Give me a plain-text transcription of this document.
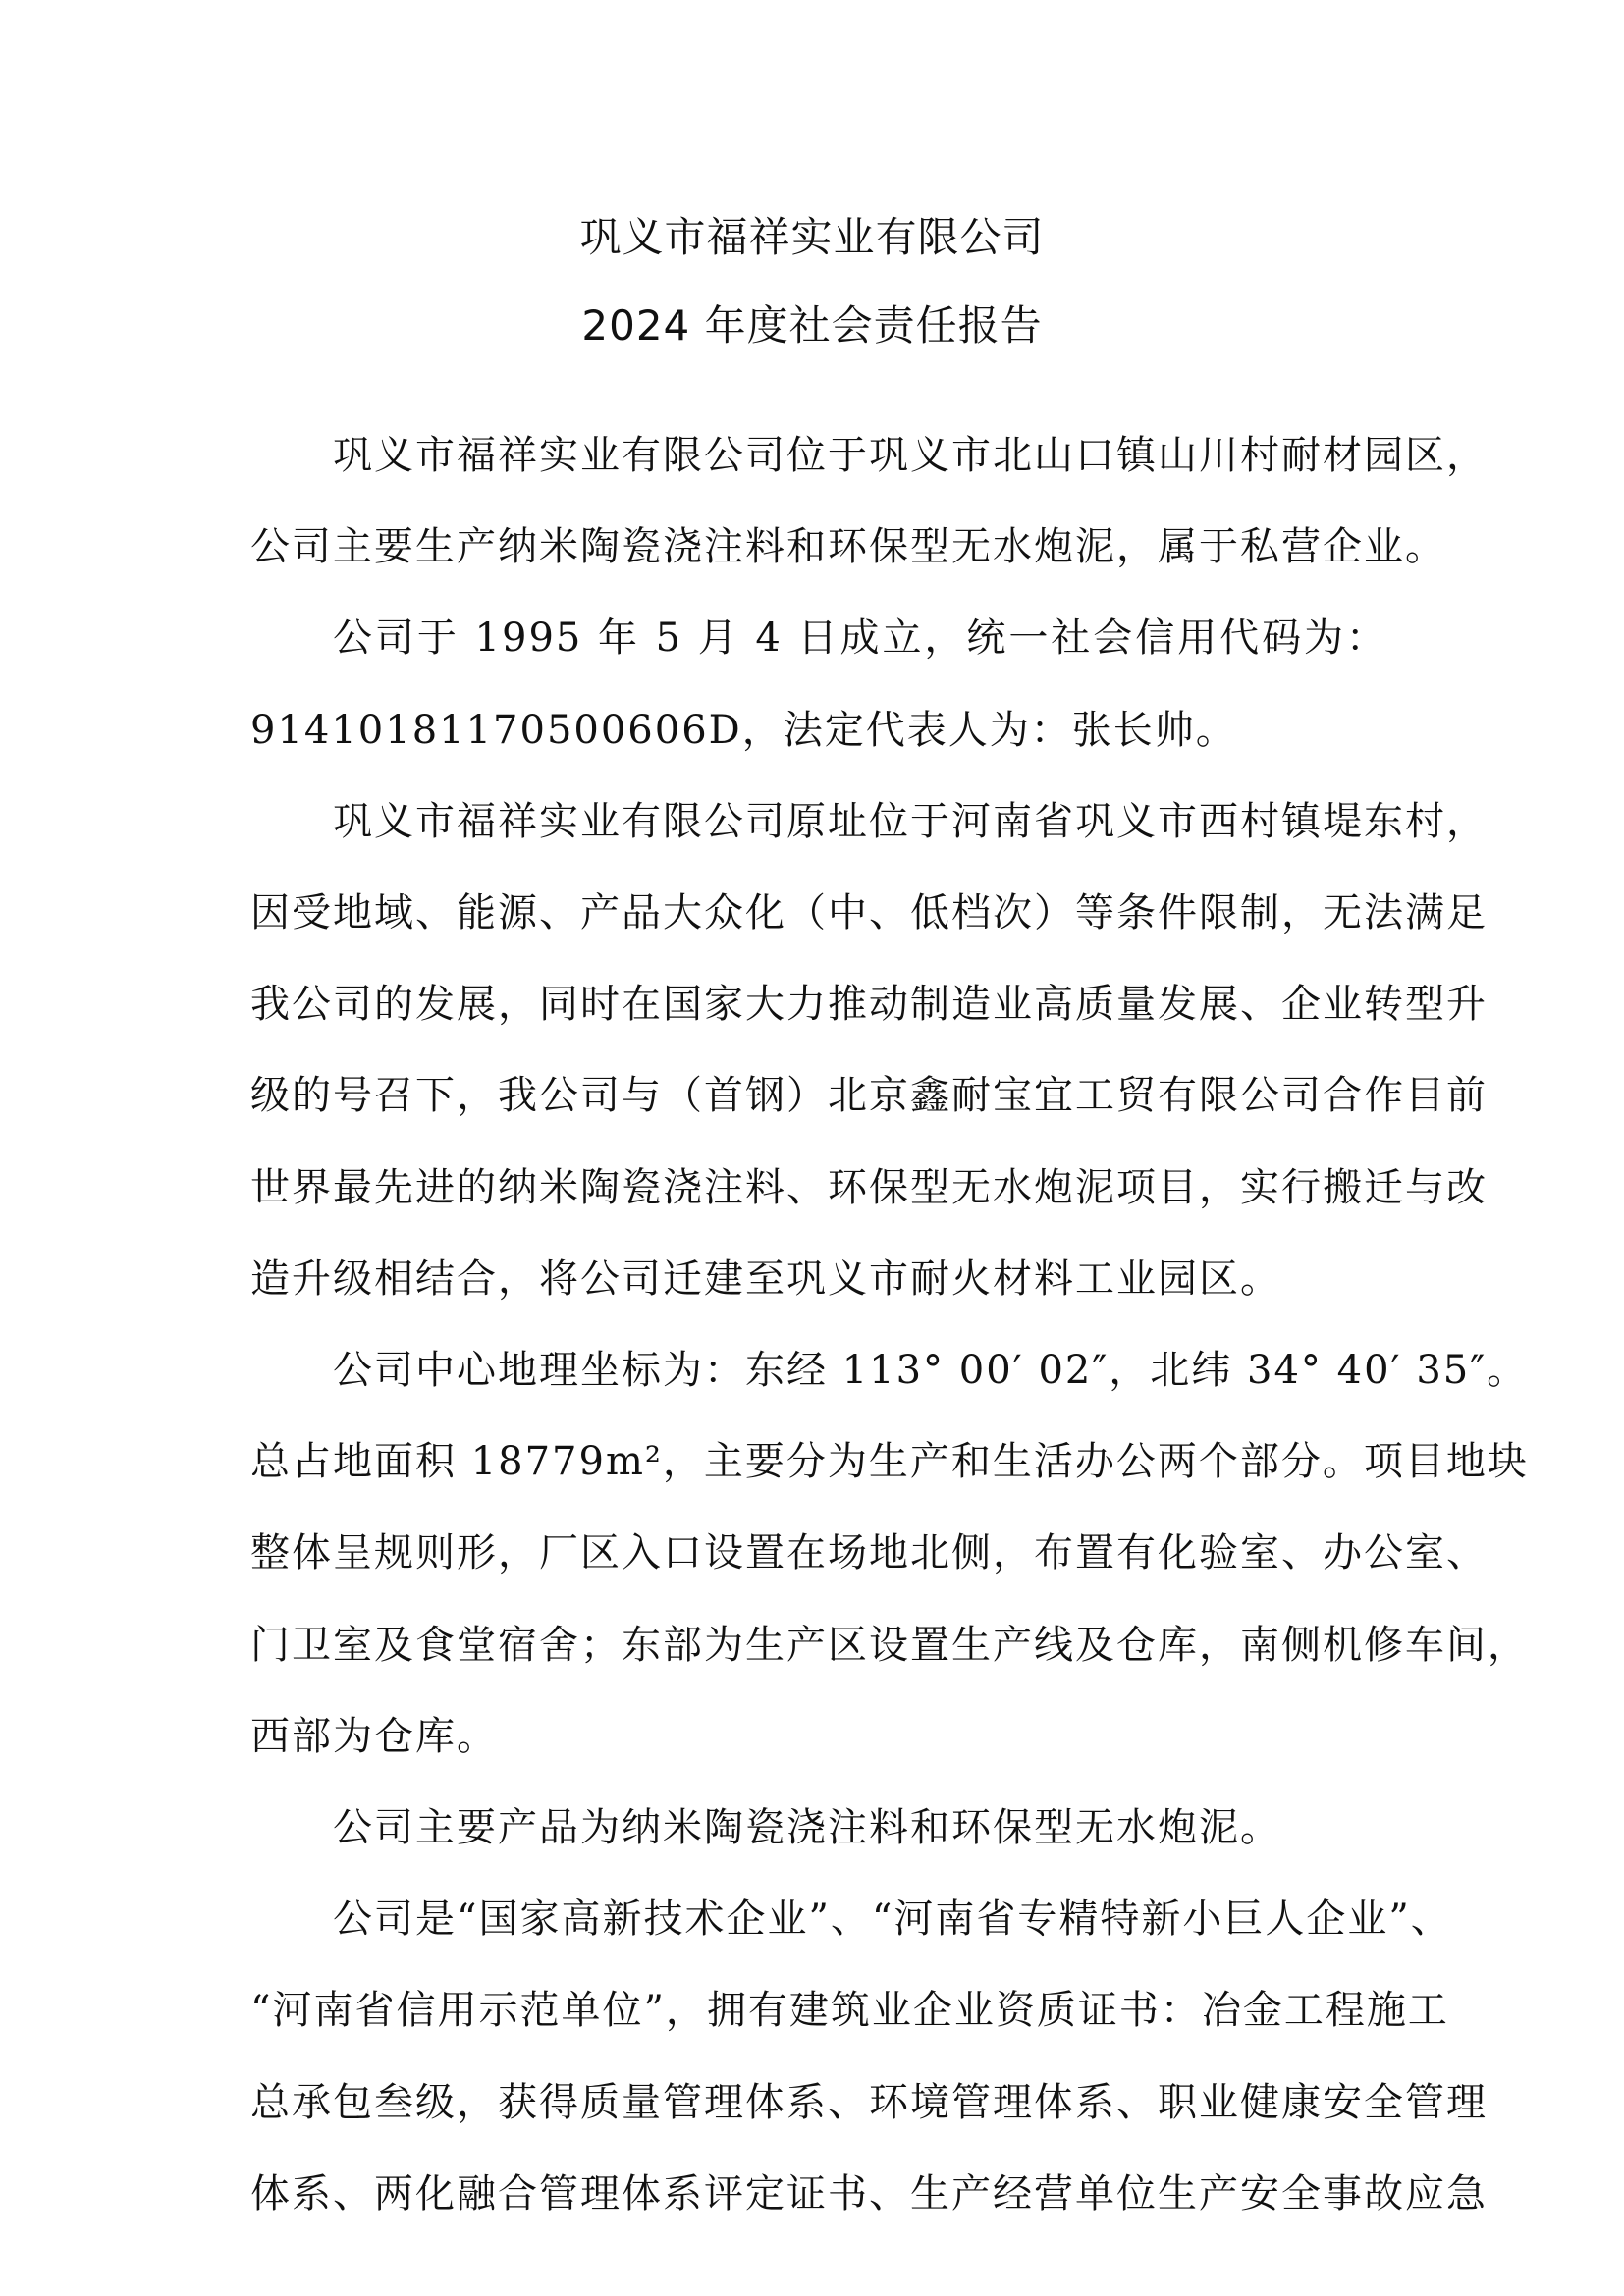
巩义市福祥实业有限公司
2024 年度社会责任报告

巩义市福祥实业有限公司位于巩义市北山口镇山川村耐材园区，
公司主要生产纳米陶瓷浇注料和环保型无水炮泥，属于私营企业。

公司于 1995 年 5 月 4 日成立，统一社会信用代码为：
91410181170500606D，法定代表人为：张长帅。

巩义市福祥实业有限公司原址位于河南省巩义市西村镇堤东村，
因受地域、能源、产品大众化（中、低档次）等条件限制，无法满足
我公司的发展，同时在国家大力推动制造业高质量发展、企业转型升
级的号召下，我公司与（首钢）北京鑫耐宝宜工贸有限公司合作目前
世界最先进的纳米陶瓷浇注料、环保型无水炮泥项目，实行搬迁与改
造升级相结合，将公司迁建至巩义市耐火材料工业园区。

公司中心地理坐标为：东经 113° 00′ 02″，北纬 34° 40′ 35″。
总占地面积 18779m²，主要分为生产和生活办公两个部分。项目地块
整体呈规则形，厂区入口设置在场地北侧，布置有化验室、办公室、
门卫室及食堂宿舍；东部为生产区设置生产线及仓库，南侧机修车间，
西部为仓库。

公司主要产品为纳米陶瓷浇注料和环保型无水炮泥。

公司是“国家高新技术企业”、“河南省专精特新小巨人企业”、
“河南省信用示范单位”，拥有建筑业企业资质证书：冶金工程施工
总承包叁级，获得质量管理体系、环境管理体系、职业健康安全管理
体系、两化融合管理体系评定证书、生产经营单位生产安全事故应急
